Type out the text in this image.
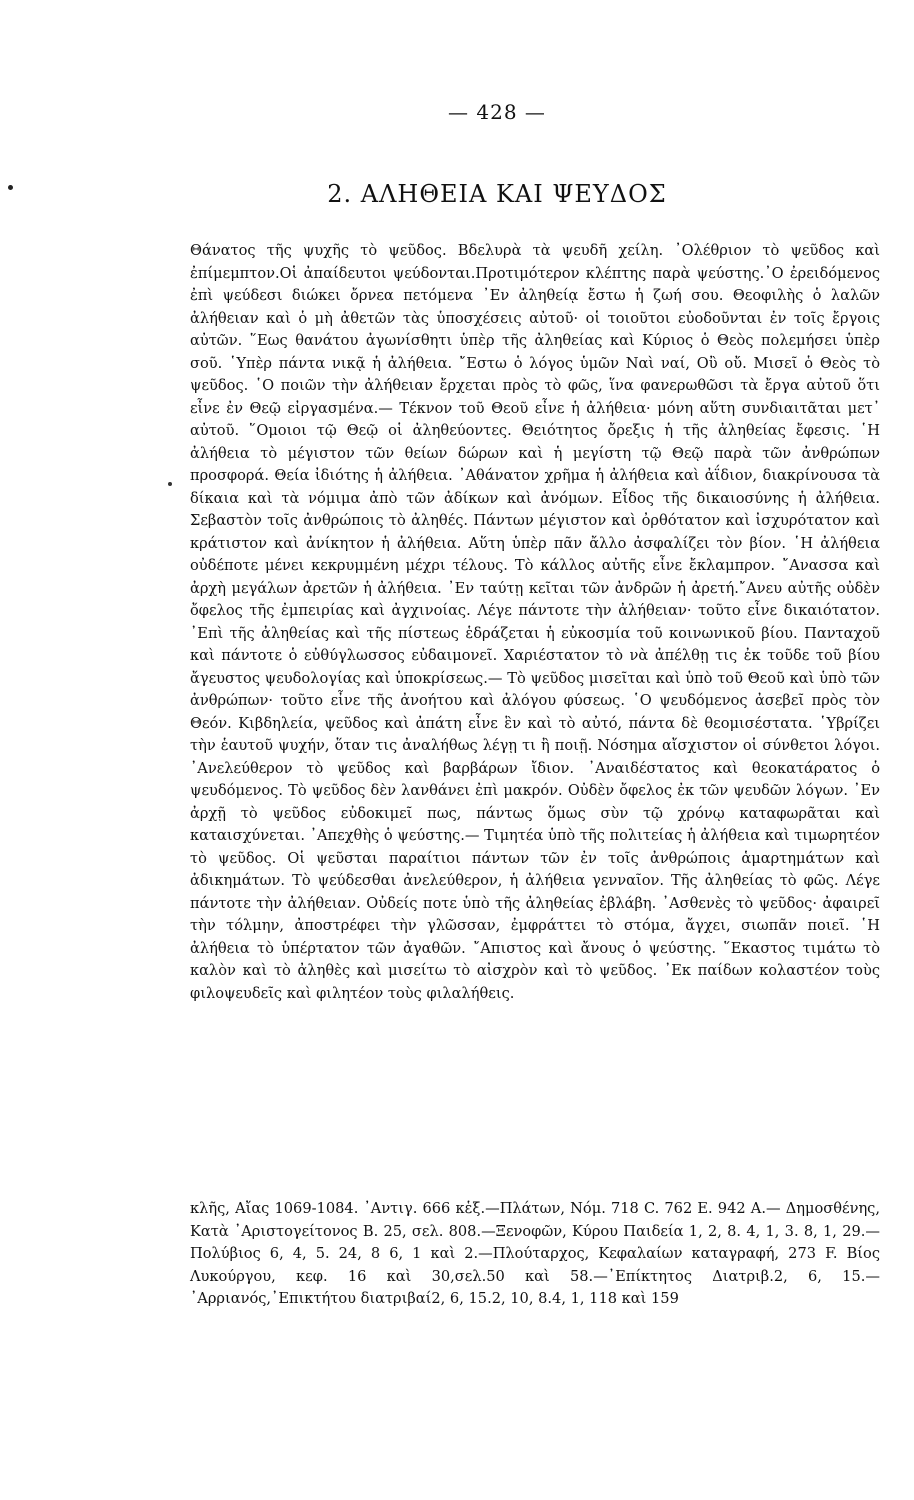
— 428 —
2. ΑΛΗΘΕΙΑ ΚΑΙ ΨΕΥΔΟΣ

Θάνατος τῆς ψυχῆς τὸ ψεῦδος. Βδελυρὰ τὰ ψευδῆ χείλη. ᾿Ολέθριον τὸ ψεῦδος καὶ ἐπίμεμπτον.Οἱ ἀπαίδευτοι ψεύδονται.Προτιμότερον κλέπτης παρὰ ψεύστης.᾿Ο ἐρειδόμενος ἐπὶ ψεύδεσι διώκει ὄρνεα πετόμενα ᾿Εν ἀληθείᾳ ἔστω ἡ ζωή σου. Θεοφιλὴς ὁ λαλῶν ἀλήθειαν καὶ ὁ μὴ ἀθετῶν τὰς ὑποσχέσεις αὐτοῦ· οἱ τοιοῦτοι εὐοδοῦνται ἐν τοῖς ἔργοις αὐτῶν. ῞Εως θανάτου ἀγωνίσθητι ὑπὲρ τῆς ἀληθείας καὶ Κύριος ὁ Θεὸς πολεμήσει ὑπὲρ σοῦ. ῾Υπὲρ πάντα νικᾷ ἡ ἀλήθεια. ῎Εστω ὁ λόγος ὑμῶν Ναὶ ναί, Οὒ οὔ. Μισεῖ ὁ Θεὸς τὸ ψεῦδος. ῾Ο ποιῶν τὴν ἀλήθειαν ἔρχεται πρὸς τὸ φῶς, ἵνα φανερωθῶσι τὰ ἔργα αὐτοῦ ὅτι εἶνε ἐν Θεῷ εἰργασμένα.— Τέκνον τοῦ Θεοῦ εἶνε ἡ ἀλήθεια· μόνη αὕτη συνδιαιτᾶται μετ᾿ αὐτοῦ. ῞Ομοιοι τῷ Θεῷ οἱ ἀληθεύοντες. Θειότητος ὄρεξις ἡ τῆς ἀληθείας ἔφεσις. ῾Η ἀλήθεια τὸ μέγιστον τῶν θείων δώρων καὶ ἡ μεγίστη τῷ Θεῷ παρὰ τῶν ἀνθρώπων προσφορά. Θεία ἰδιότης ἡ ἀλήθεια. ᾿Αθάνατον χρῆμα ἡ ἀλήθεια καὶ ἀΐδιον, διακρίνουσα τὰ δίκαια καὶ τὰ νόμιμα ἀπὸ τῶν ἀδίκων καὶ ἀνόμων. Εἶδος τῆς δικαιοσύνης ἡ ἀλήθεια. Σεβαστὸν τοῖς ἀνθρώποις τὸ ἀληθές. Πάντων μέγιστον καὶ ὀρθότατον καὶ ἰσχυρότατον καὶ κράτιστον καὶ ἀνίκητον ἡ ἀλήθεια. Αὕτη ὑπὲρ πᾶν ἄλλο ἀσφαλίζει τὸν βίον. ῾Η ἀλήθεια οὐδέποτε μένει κεκρυμμένη μέχρι τέλους. Τὸ κάλλος αὐτῆς εἶνε ἔκλαμπρον. ῎Ανασσα καὶ ἀρχὴ μεγάλων ἀρετῶν ἡ ἀλήθεια. ᾿Εν ταύτῃ κεῖται τῶν ἀνδρῶν ἡ ἀρετή.῎Ανευ αὐτῆς οὐδὲν ὄφελος τῆς ἐμπειρίας καὶ ἀγχινοίας. Λέγε πάντοτε τὴν ἀλήθειαν· τοῦτο εἶνε δικαιότατον. ᾿Επὶ τῆς ἀληθείας καὶ τῆς πίστεως ἑδράζεται ἡ εὐκοσμία τοῦ κοινωνικοῦ βίου. Πανταχοῦ καὶ πάντοτε ὁ εὐθύγλωσσος εὐδαιμονεῖ. Χαριέστατον τὸ νὰ ἀπέλθῃ τις ἐκ τοῦδε τοῦ βίου ἄγευστος ψευδολογίας καὶ ὑποκρίσεως.— Τὸ ψεῦδος μισεῖται καὶ ὑπὸ τοῦ Θεοῦ καὶ ὑπὸ τῶν ἀνθρώπων· τοῦτο εἶνε τῆς ἀνοήτου καὶ ἀλόγου φύσεως. ῾Ο ψευδόμενος ἀσεβεῖ πρὸς τὸν Θεόν. Κιβδηλεία, ψεῦδος καὶ ἀπάτη εἶνε ἓν καὶ τὸ αὐτό, πάντα δὲ θεομισέστατα. ῾Υβρίζει τὴν ἑαυτοῦ ψυχήν, ὅταν τις ἀναλήθως λέγῃ τι ἢ ποιῇ. Νόσημα αἴσχιστον οἱ σύνθετοι λόγοι. ᾿Ανελεύθερον τὸ ψεῦδος καὶ βαρβάρων ἴδιον. ᾿Αναιδέστατος καὶ θεοκατάρατος ὁ ψευδόμενος. Τὸ ψεῦδος δὲν λανθάνει ἐπὶ μακρόν. Οὐδὲν ὄφελος ἐκ τῶν ψευδῶν λόγων. ᾿Εν ἀρχῇ τὸ ψεῦδος εὐδοκιμεῖ πως, πάντως ὅμως σὺν τῷ χρόνῳ καταφωρᾶται καὶ καταισχύνεται. ᾿Απεχθὴς ὁ ψεύστης.— Τιμητέα ὑπὸ τῆς πολιτείας ἡ ἀλήθεια καὶ τιμωρητέον τὸ ψεῦδος. Οἱ ψεῦσται παραίτιοι πάντων τῶν ἐν τοῖς ἀνθρώποις ἁμαρτημάτων καὶ ἀδικημάτων. Τὸ ψεύδεσθαι ἀνελεύθερον, ἡ ἀλήθεια γενναῖον. Τῆς ἀληθείας τὸ φῶς. Λέγε πάντοτε τὴν ἀλήθειαν. Οὐδείς ποτε ὑπὸ τῆς ἀληθείας ἐβλάβη. ᾿Ασθενὲς τὸ ψεῦδος· ἀφαιρεῖ τὴν τόλμην, ἀποστρέφει τὴν γλῶσσαν, ἐμφράττει τὸ στόμα, ἄγχει, σιωπᾶν ποιεῖ. ῾Η ἀλήθεια τὸ ὑπέρτατον τῶν ἀγαθῶν. ῎Απιστος καὶ ἄνους ὁ ψεύστης. ῞Εκαστος τιμάτω τὸ καλὸν καὶ τὸ ἀληθὲς καὶ μισείτω τὸ αἰσχρὸν καὶ τὸ ψεῦδος. ᾿Εκ παίδων κολαστέον τοὺς φιλοψευδεῖς καὶ φιλητέον τοὺς φιλαλήθεις.

κλῆς, Αἴας 1069-1084. ᾿Αντιγ. 666 κἑξ.—Πλάτων, Νόμ. 718 C. 762 E. 942 A.— Δημοσθένης, Κατὰ ᾿Αριστογείτονος Β. 25, σελ. 808.—Ξενοφῶν, Κύρου Παιδεία 1, 2, 8. 4, 1, 3. 8, 1, 29.—Πολύβιος 6, 4, 5. 24, 8 6, 1 καὶ 2.—Πλούταρχος, Κεφαλαίων καταγραφή, 273 F. Βίος Λυκούργου, κεφ. 16 καὶ 30,σελ.50 καὶ 58.—᾿Επίκτητος Διατριβ.2, 6, 15.— ᾿Αρριανός,᾿Επικτήτου διατριβαί2, 6, 15.2, 10, 8.4, 1, 118 καὶ 159
